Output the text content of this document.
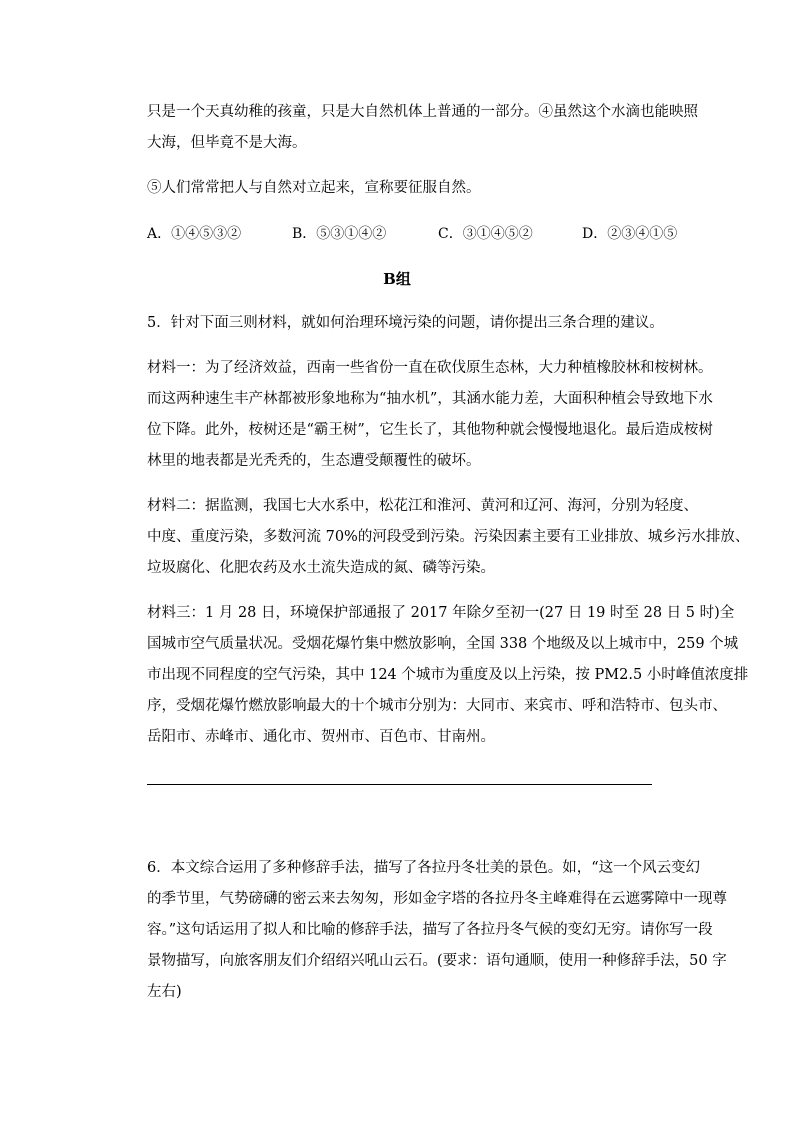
只是一个天真幼稚的孩童，只是大自然机体上普通的一部分。④虽然这个水滴也能映照
大海，但毕竟不是大海。
⑤人们常常把人与自然对立起来，宣称要征服自然。
A．①④⑤③②	B．⑤③①④②	C．③①④⑤②	D．②③④①⑤
B组
5．针对下面三则材料，就如何治理环境污染的问题，请你提出三条合理的建议。
材料一：为了经济效益，西南一些省份一直在砍伐原生态林，大力种植橡胶林和桉树林。
而这两种速生丰产林都被形象地称为“抽水机”，其涵水能力差，大面积种植会导致地下水
位下降。此外，桉树还是“霸王树”，它生长了，其他物种就会慢慢地退化。最后造成桉树
林里的地表都是光秃秃的，生态遭受颠覆性的破坏。
材料二：据监测，我国七大水系中，松花江和淮河、黄河和辽河、海河，分别为轻度、
中度、重度污染，多数河流 70%的河段受到污染。污染因素主要有工业排放、城乡污水排放、
垃圾腐化、化肥农药及水土流失造成的氮、磷等污染。
材料三：1 月 28 日，环境保护部通报了 2017 年除夕至初一(27 日 19 时至 28 日 5 时)全
国城市空气质量状况。受烟花爆竹集中燃放影响，全国 338 个地级及以上城市中，259 个城
市出现不同程度的空气污染，其中 124 个城市为重度及以上污染，按 PM2.5 小时峰值浓度排
序，受烟花爆竹燃放影响最大的十个城市分别为：大同市、来宾市、呼和浩特市、包头市、
岳阳市、赤峰市、通化市、贺州市、百色市、甘南州。
6．本文综合运用了多种修辞手法，描写了各拉丹冬壮美的景色。如，“这一个风云变幻
的季节里，气势磅礴的密云来去匆匆，形如金字塔的各拉丹冬主峰难得在云遮雾障中一现尊
容。”这句话运用了拟人和比喻的修辞手法，描写了各拉丹冬气候的变幻无穷。请你写一段
景物描写，向旅客朋友们介绍绍兴吼山云石。(要求：语句通顺，使用一种修辞手法，50 字
左右)
